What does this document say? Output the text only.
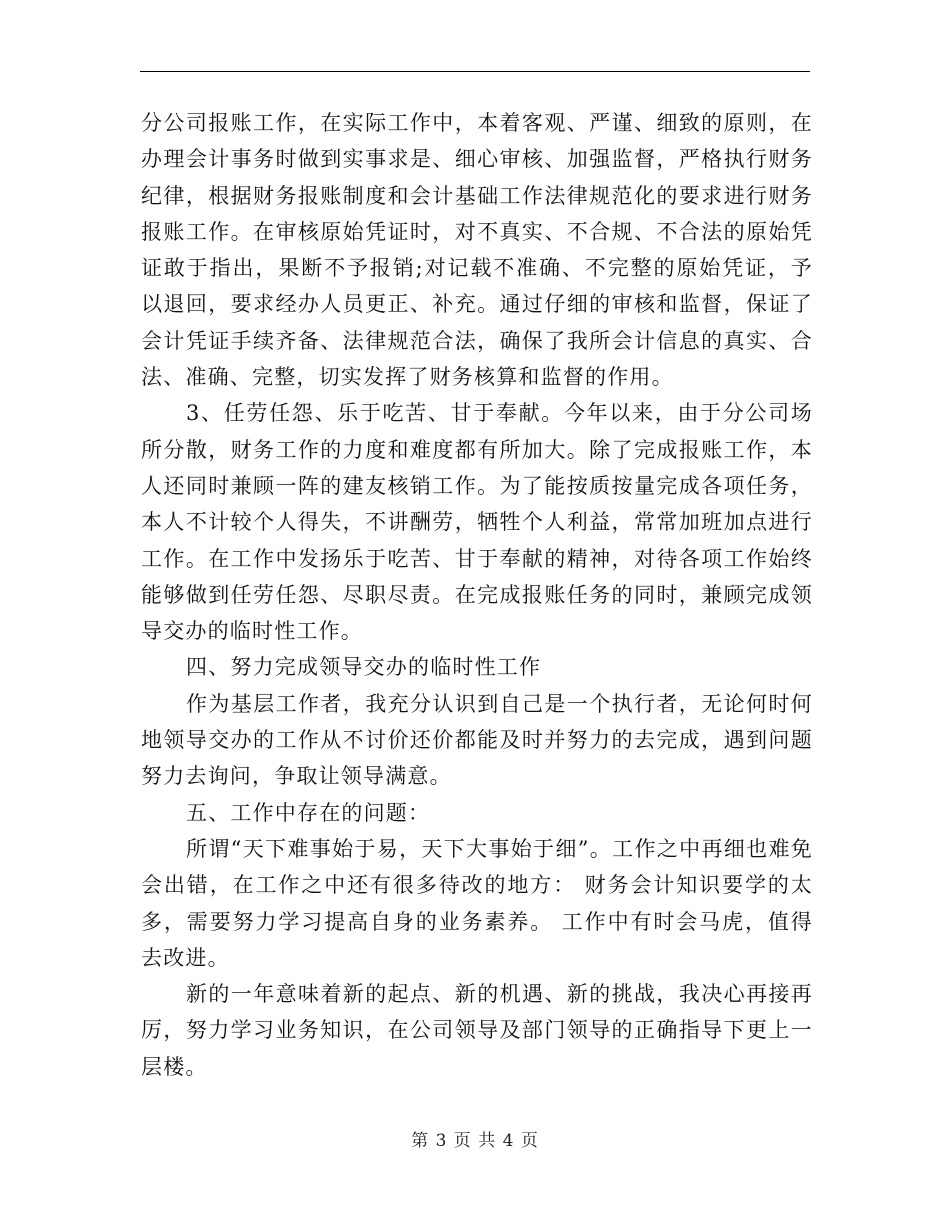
分公司报账工作，在实际工作中，本着客观、严谨、细致的原则，在办理会计事务时做到实事求是、细心审核、加强监督，严格执行财务纪律，根据财务报账制度和会计基础工作法律规范化的要求进行财务报账工作。在审核原始凭证时，对不真实、不合规、不合法的原始凭证敢于指出，果断不予报销;对记载不准确、不完整的原始凭证，予以退回，要求经办人员更正、补充。通过仔细的审核和监督，保证了会计凭证手续齐备、法律规范合法，确保了我所会计信息的真实、合法、准确、完整，切实发挥了财务核算和监督的作用。

3、任劳任怨、乐于吃苦、甘于奉献。今年以来，由于分公司场所分散，财务工作的力度和难度都有所加大。除了完成报账工作，本人还同时兼顾一阵的建友核销工作。为了能按质按量完成各项任务，本人不计较个人得失，不讲酬劳，牺牲个人利益，常常加班加点进行工作。在工作中发扬乐于吃苦、甘于奉献的精神，对待各项工作始终能够做到任劳任怨、尽职尽责。在完成报账任务的同时，兼顾完成领导交办的临时性工作。

四、努力完成领导交办的临时性工作

作为基层工作者，我充分认识到自己是一个执行者，无论何时何地领导交办的工作从不讨价还价都能及时并努力的去完成，遇到问题努力去询问，争取让领导满意。

五、工作中存在的问题：

所谓“天下难事始于易，天下大事始于细”。工作之中再细也难免会出错，在工作之中还有很多待改的地方： 财务会计知识要学的太多，需要努力学习提高自身的业务素养。 工作中有时会马虎，值得去改进。

新的一年意味着新的起点、新的机遇、新的挑战，我决心再接再厉，努力学习业务知识，在公司领导及部门领导的正确指导下更上一层楼。

第 3 页 共 4 页
